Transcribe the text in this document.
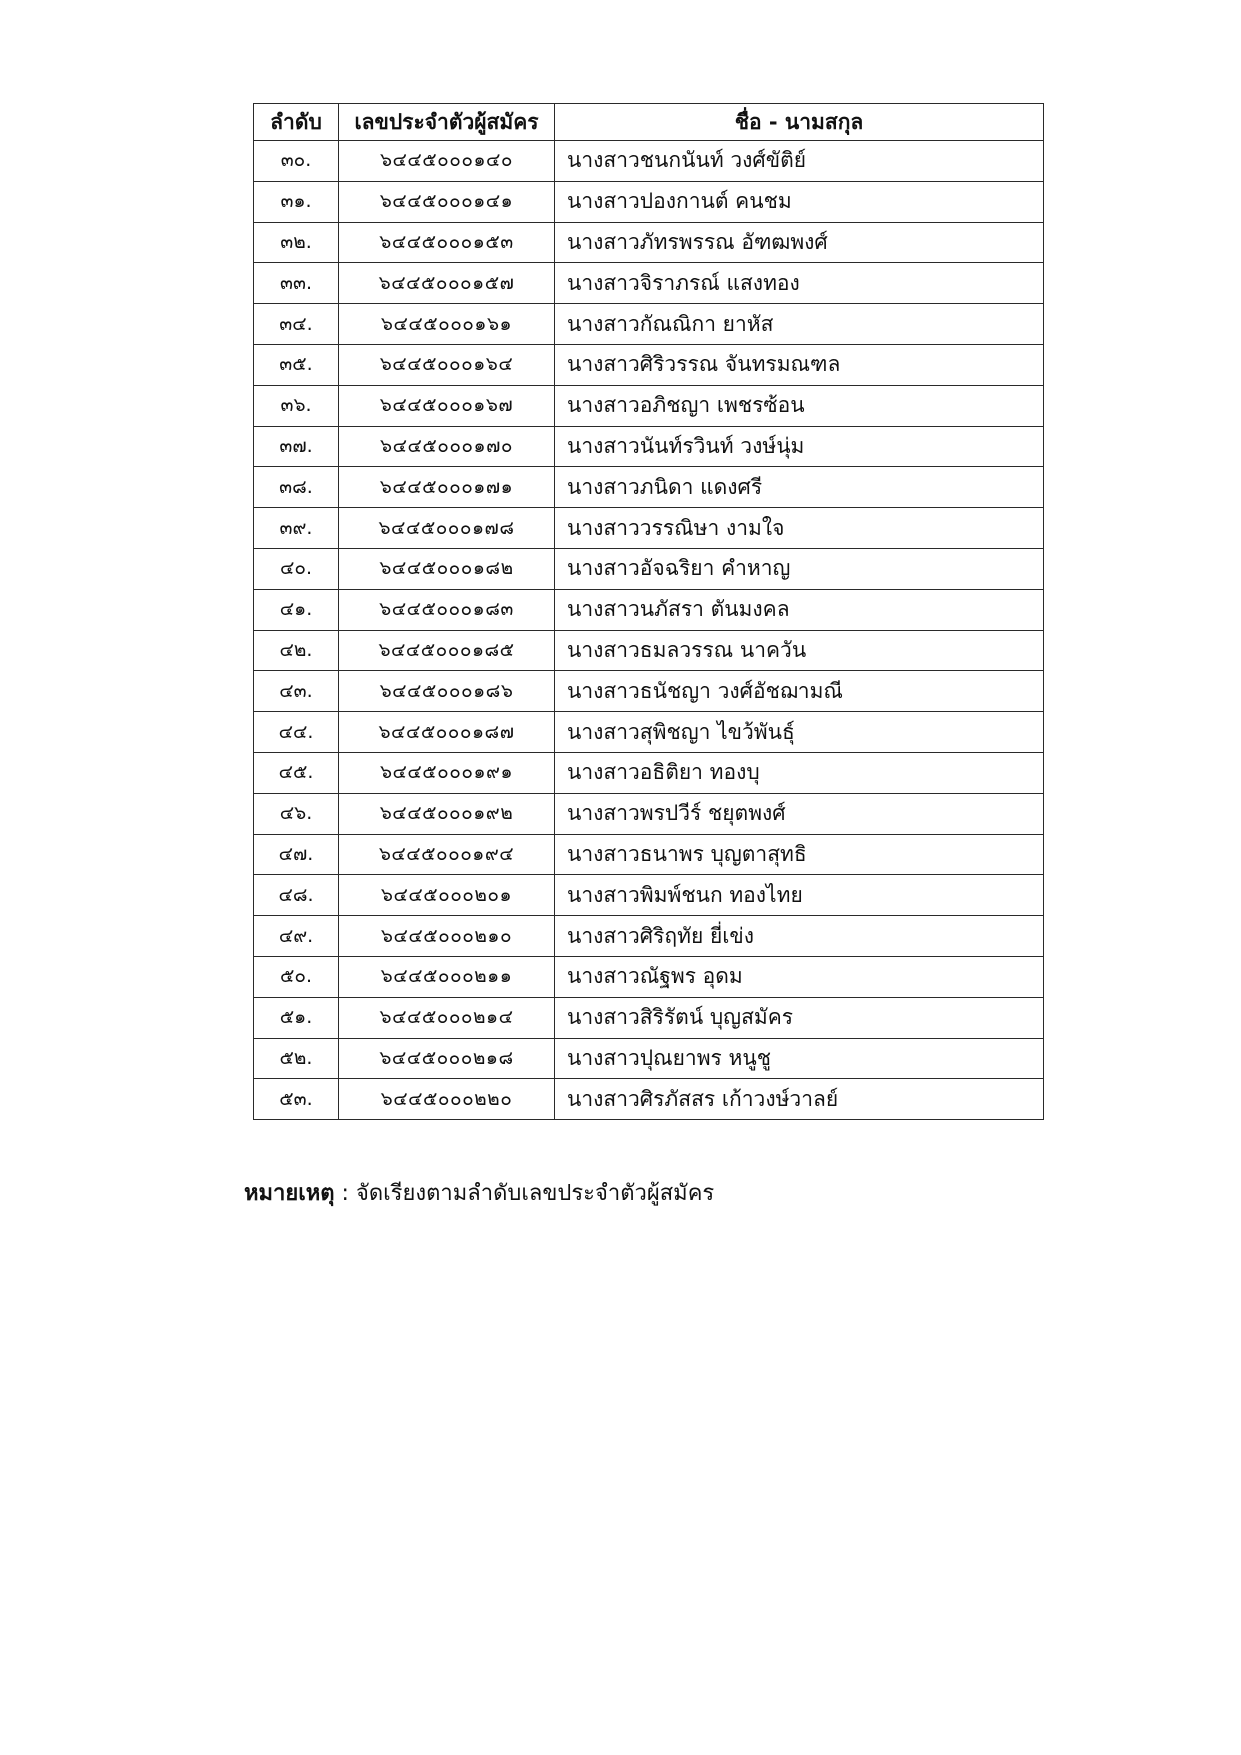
ลำดับ	เลขประจำตัวผู้สมัคร	ชื่อ - นามสกุล
๓๐.	๖๔๔๕๐๐๐๑๔๐	นางสาวชนกนันท์ วงศ์ขัติย์
๓๑.	๖๔๔๕๐๐๐๑๔๑	นางสาวปองกานต์ คนชม
๓๒.	๖๔๔๕๐๐๐๑๕๓	นางสาวภัทรพรรณ อัฑฒพงศ์
๓๓.	๖๔๔๕๐๐๐๑๕๗	นางสาวจิราภรณ์ แสงทอง
๓๔.	๖๔๔๕๐๐๐๑๖๑	นางสาวกัณณิกา ยาหัส
๓๕.	๖๔๔๕๐๐๐๑๖๔	นางสาวศิริวรรณ จันทรมณฑล
๓๖.	๖๔๔๕๐๐๐๑๖๗	นางสาวอภิชญา เพชรซ้อน
๓๗.	๖๔๔๕๐๐๐๑๗๐	นางสาวนันท์รวินท์ วงษ์นุ่ม
๓๘.	๖๔๔๕๐๐๐๑๗๑	นางสาวภนิดา แดงศรี
๓๙.	๖๔๔๕๐๐๐๑๗๘	นางสาววรรณิษา งามใจ
๔๐.	๖๔๔๕๐๐๐๑๘๒	นางสาวอัจฉริยา คำหาญ
๔๑.	๖๔๔๕๐๐๐๑๘๓	นางสาวนภัสรา ตันมงคล
๔๒.	๖๔๔๕๐๐๐๑๘๕	นางสาวธมลวรรณ นาควัน
๔๓.	๖๔๔๕๐๐๐๑๘๖	นางสาวธนัชญา วงศ์อัชฌามณี
๔๔.	๖๔๔๕๐๐๐๑๘๗	นางสาวสุพิชญา ไขว้พันธุ์
๔๕.	๖๔๔๕๐๐๐๑๙๑	นางสาวอธิติยา ทองบุ
๔๖.	๖๔๔๕๐๐๐๑๙๒	นางสาวพรปวีร์ ชยุตพงศ์
๔๗.	๖๔๔๕๐๐๐๑๙๔	นางสาวธนาพร บุญตาสุทธิ
๔๘.	๖๔๔๕๐๐๐๒๐๑	นางสาวพิมพ์ชนก ทองไทย
๔๙.	๖๔๔๕๐๐๐๒๑๐	นางสาวศิริฤทัย ยี่เข่ง
๕๐.	๖๔๔๕๐๐๐๒๑๑	นางสาวณัฐพร อุดม
๕๑.	๖๔๔๕๐๐๐๒๑๔	นางสาวสิริรัตน์ บุญสมัคร
๕๒.	๖๔๔๕๐๐๐๒๑๘	นางสาวปุณยาพร หนูชู
๕๓.	๖๔๔๕๐๐๐๒๒๐	นางสาวศิรภัสสร เก้าวงษ์วาลย์
หมายเหตุ : จัดเรียงตามลำดับเลขประจำตัวผู้สมัคร
